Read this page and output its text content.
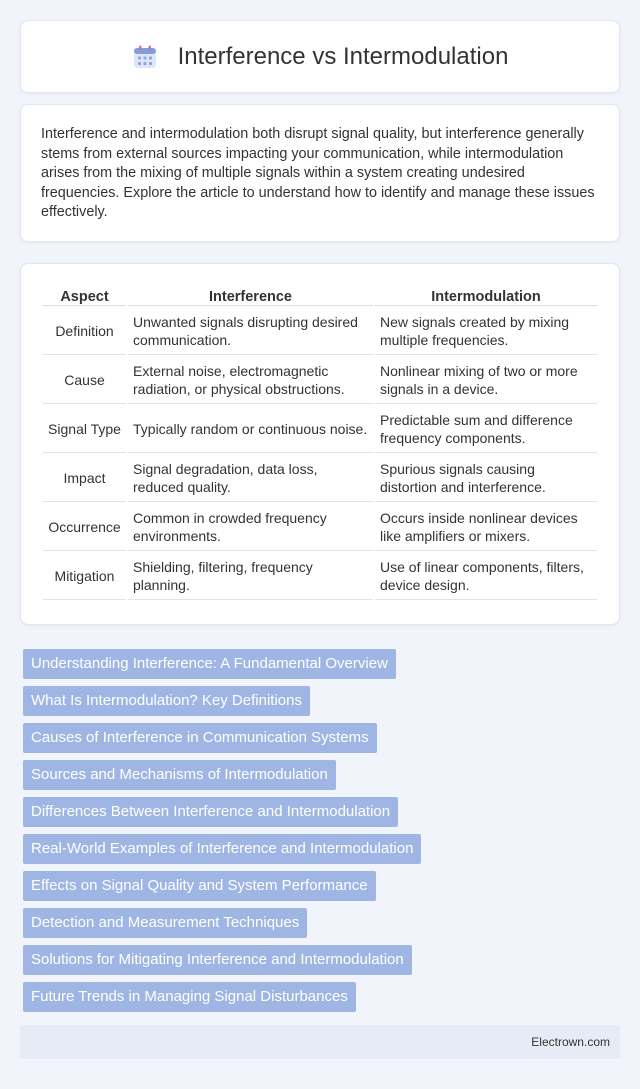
Interference vs Intermodulation

Interference and intermodulation both disrupt signal quality, but interference generally stems from external sources impacting your communication, while intermodulation arises from the mixing of multiple signals within a system creating undesired frequencies. Explore the article to understand how to identify and manage these issues effectively.

Aspect	Interference	Intermodulation
Definition	Unwanted signals disrupting desired communication.	New signals created by mixing multiple frequencies.
Cause	External noise, electromagnetic radiation, or physical obstructions.	Nonlinear mixing of two or more signals in a device.
Signal Type	Typically random or continuous noise.	Predictable sum and difference frequency components.
Impact	Signal degradation, data loss, reduced quality.	Spurious signals causing distortion and interference.
Occurrence	Common in crowded frequency environments.	Occurs inside nonlinear devices like amplifiers or mixers.
Mitigation	Shielding, filtering, frequency planning.	Use of linear components, filters, device design.
Understanding Interference: A Fundamental Overview
What Is Intermodulation? Key Definitions
Causes of Interference in Communication Systems
Sources and Mechanisms of Intermodulation
Differences Between Interference and Intermodulation
Real-World Examples of Interference and Intermodulation
Effects on Signal Quality and System Performance
Detection and Measurement Techniques
Solutions for Mitigating Interference and Intermodulation
Future Trends in Managing Signal Disturbances
Electrown.com
